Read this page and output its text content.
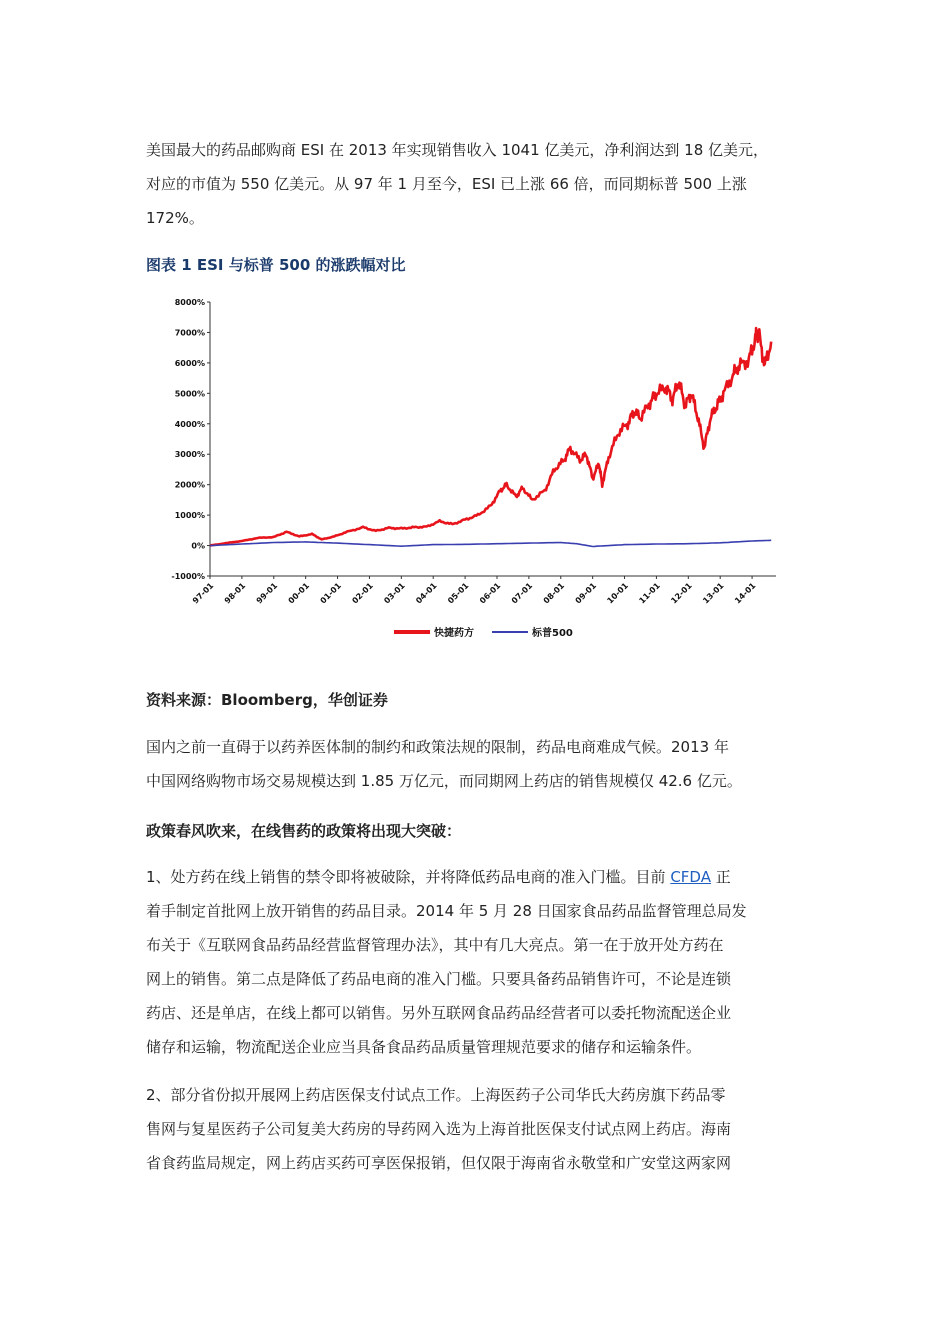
美国最大的药品邮购商 ESI 在 2013 年实现销售收入 1041 亿美元，净利润达到 18 亿美元，
对应的市值为 550 亿美元。从 97 年 1 月至今，ESI 已上涨 66 倍，而同期标普 500 上涨
172%。

图表 1 ESI 与标普 500 的涨跌幅对比
8000%
7000%
6000%
5000%
4000%
3000%
2000%
1000%
0%
-1000%
97-01 98-01 99-01 00-01 01-01 02-01 03-01 04-01 05-01 06-01 07-01 08-01 09-01 10-01 11-01 12-01 13-01 14-01
快捷药方	标普500
资料来源：Bloomberg，华创证券

国内之前一直碍于以药养医体制的制约和政策法规的限制，药品电商难成气候。2013 年
中国网络购物市场交易规模达到 1.85 万亿元，而同期网上药店的销售规模仅 42.6 亿元。

政策春风吹来，在线售药的政策将出现大突破：

1、处方药在线上销售的禁令即将被破除，并将降低药品电商的准入门槛。目前 CFDA 正
着手制定首批网上放开销售的药品目录。2014 年 5 月 28 日国家食品药品监督管理总局发
布关于《互联网食品药品经营监督管理办法》，其中有几大亮点。第一在于放开处方药在
网上的销售。第二点是降低了药品电商的准入门槛。只要具备药品销售许可，不论是连锁
药店、还是单店，在线上都可以销售。另外互联网食品药品经营者可以委托物流配送企业
储存和运输，物流配送企业应当具备食品药品质量管理规范要求的储存和运输条件。

2、部分省份拟开展网上药店医保支付试点工作。上海医药子公司华氏大药房旗下药品零
售网与复星医药子公司复美大药房的导药网入选为上海首批医保支付试点网上药店。海南
省食药监局规定，网上药店买药可享医保报销，但仅限于海南省永敬堂和广安堂这两家网
